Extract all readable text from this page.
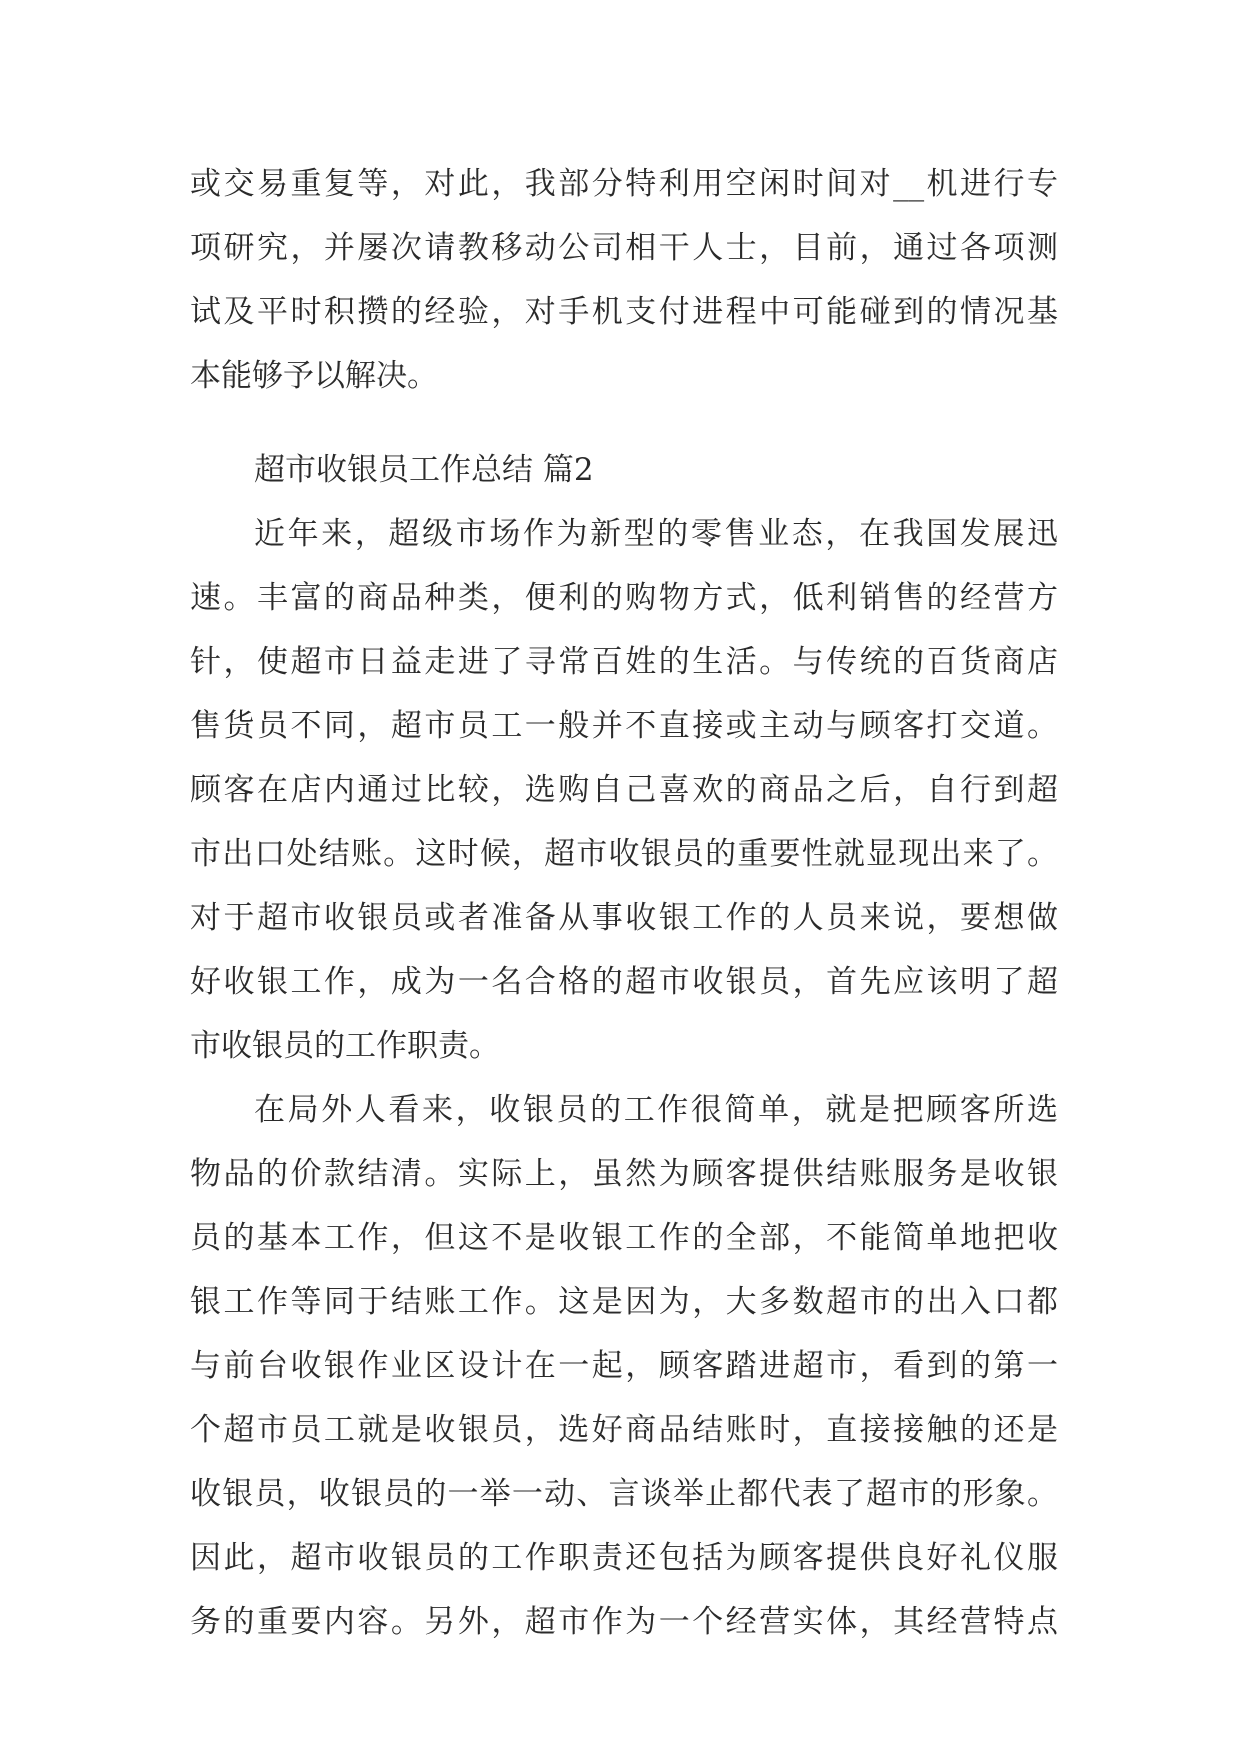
或交易重复等，对此，我部分特利用空闲时间对__机进行专
项研究，并屡次请教移动公司相干人士，目前，通过各项测
试及平时积攒的经验，对手机支付进程中可能碰到的情况基
本能够予以解决。
超市收银员工作总结 篇2
近年来，超级市场作为新型的零售业态，在我国发展迅
速。丰富的商品种类，便利的购物方式，低利销售的经营方
针，使超市日益走进了寻常百姓的生活。与传统的百货商店
售货员不同，超市员工一般并不直接或主动与顾客打交道。
顾客在店内通过比较，选购自己喜欢的商品之后，自行到超
市出口处结账。这时候，超市收银员的重要性就显现出来了。
对于超市收银员或者准备从事收银工作的人员来说，要想做
好收银工作，成为一名合格的超市收银员，首先应该明了超
市收银员的工作职责。
在局外人看来，收银员的工作很简单，就是把顾客所选
物品的价款结清。实际上，虽然为顾客提供结账服务是收银
员的基本工作，但这不是收银工作的全部，不能简单地把收
银工作等同于结账工作。这是因为，大多数超市的出入口都
与前台收银作业区设计在一起，顾客踏进超市，看到的第一
个超市员工就是收银员，选好商品结账时，直接接触的还是
收银员，收银员的一举一动、言谈举止都代表了超市的形象。
因此，超市收银员的工作职责还包括为顾客提供良好礼仪服
务的重要内容。另外，超市作为一个经营实体，其经营特点
